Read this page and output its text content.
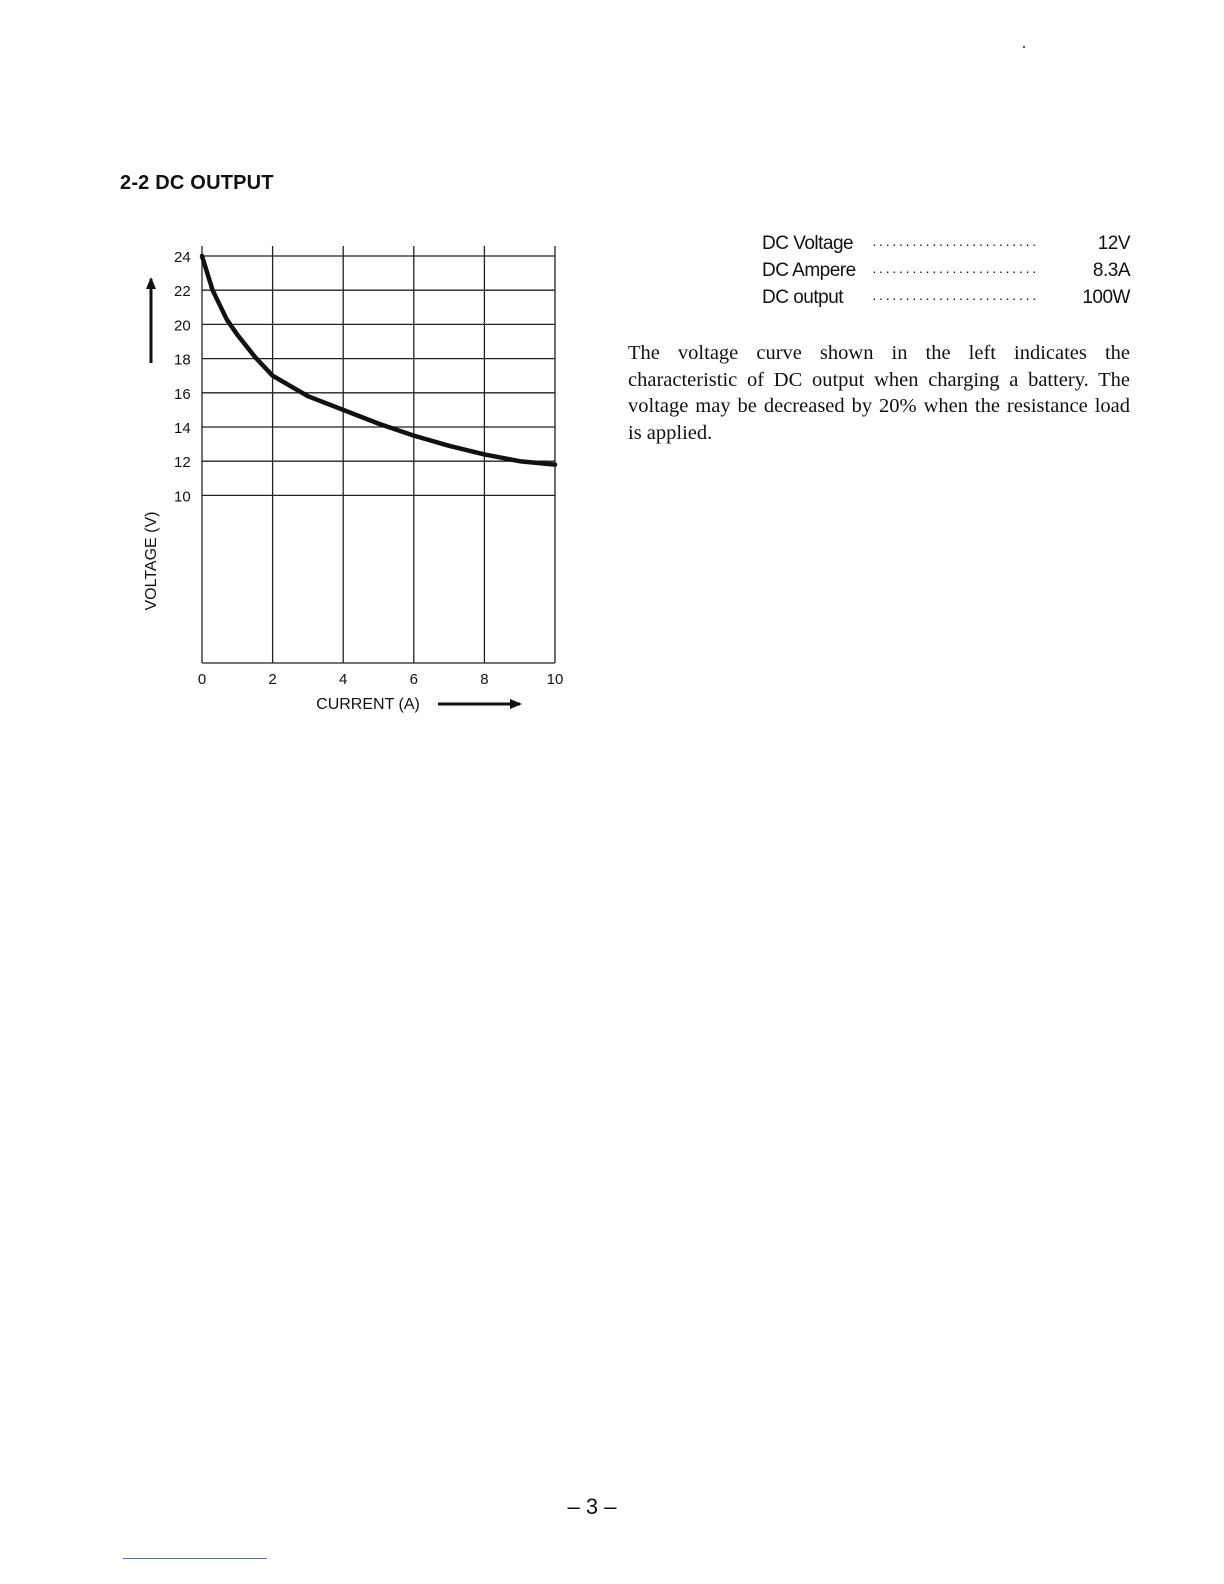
2-2 DC OUTPUT
VOLTAGE (V)
CURRENT (A)
0	2	4	6	8	10
24
22
20
18
16
14
12
10
DC Voltage	·························	12V
DC Ampere	·························	8.3A
DC output	·························	100W
The voltage curve shown in the left indicates the characteristic of DC output when charging a battery. The voltage may be decreased by 20% when the resistance load is applied.
– 3 –
